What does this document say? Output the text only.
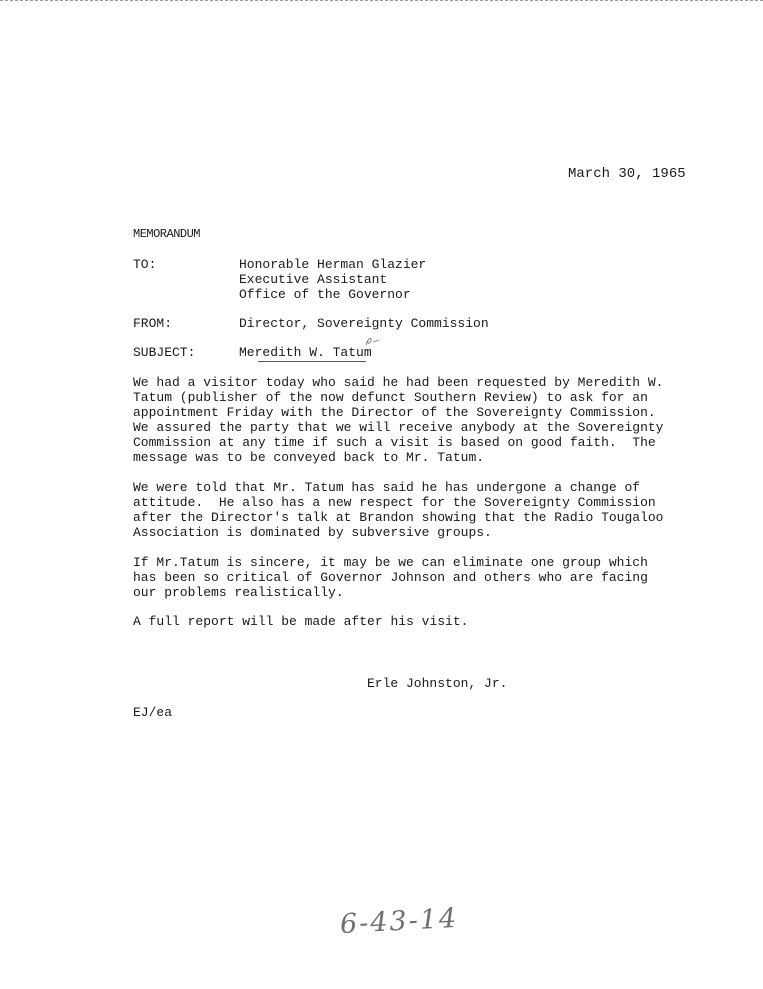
March 30, 1965
MEMORANDUM
TO:	Honorable Herman Glazier
Executive Assistant
Office of the Governor
FROM:	Director, Sovereignty Commission
SUBJECT:	Meredith W. Tatum
We had a visitor today who said he had been requested by Meredith W.
Tatum (publisher of the now defunct Southern Review) to ask for an
appointment Friday with the Director of the Sovereignty Commission.
We assured the party that we will receive anybody at the Sovereignty
Commission at any time if such a visit is based on good faith.  The
message was to be conveyed back to Mr. Tatum.
We were told that Mr. Tatum has said he has undergone a change of
attitude.  He also has a new respect for the Sovereignty Commission
after the Director's talk at Brandon showing that the Radio Tougaloo
Association is dominated by subversive groups.
If Mr.Tatum is sincere, it may be we can eliminate one group which
has been so critical of Governor Johnson and others who are facing
our problems realistically.
A full report will be made after his visit.
Erle Johnston, Jr.
EJ/ea
6-43-14
